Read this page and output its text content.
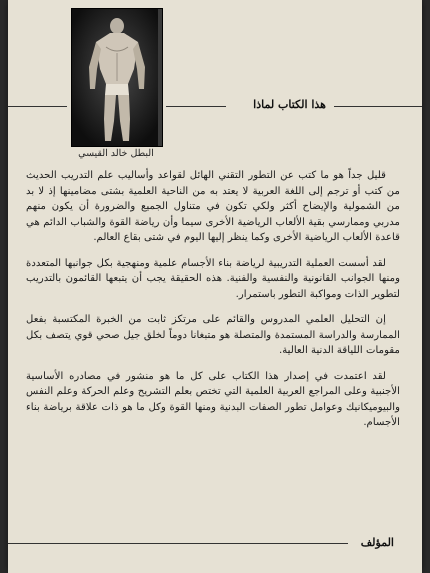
البطل خالد القيسي
هذا الكتاب لماذا

قليل جداً هو ما كتب عن التطور التقني الهائل لقواعد وأساليب علم التدريب الحديث من كتب أو ترجم إلى اللغة العربية لا يعتد به من الناحية العلمية بشتى مضامينها إذ لا بد من الشمولية والإيضاح أكثر ولكي تكون في متناول الجميع والضرورة أن يكون منهم مدربي وممارسي بقية الألعاب الرياضية الأخرى سيما وأن رياضة القوة والشباب الدائم هي قاعدة الألعاب الرياضية الأخرى وكما ينظر إليها اليوم في شتى بقاع العالم.

لقد أسست العملية التدريبية لرياضة بناء الأجسام علمية ومنهجية بكل جوانبها المتعددة ومنها الجوانب القانونية والنفسية والفنية. هذه الحقيقة يجب أن يتبعها القائمون بالتدريب لتطوير الذات ومواكبة التطور باستمرار.

إن التحليل العلمي المدروس والقائم على مرتكز ثابت من الخبرة المكتسبة بفعل الممارسة والدراسة المستمدة والمتصلة هو متبغانا دوماً لخلق جيل صحي قوي يتصف بكل مقومات اللياقة الدنية العالية.

لقد اعتمدت في إصدار هذا الكتاب على كل ما هو منشور في مصادره الأساسية الأجنبية وعلى المراجع العربية العلمية التي تختص بعلم التشريح وعلم الحركة وعلم النفس والبيوميكانيك وعوامل تطور الصفات البدنية ومنها القوة وكل ما هو ذات علاقة برياضة بناء الأجسام.

المؤلف
